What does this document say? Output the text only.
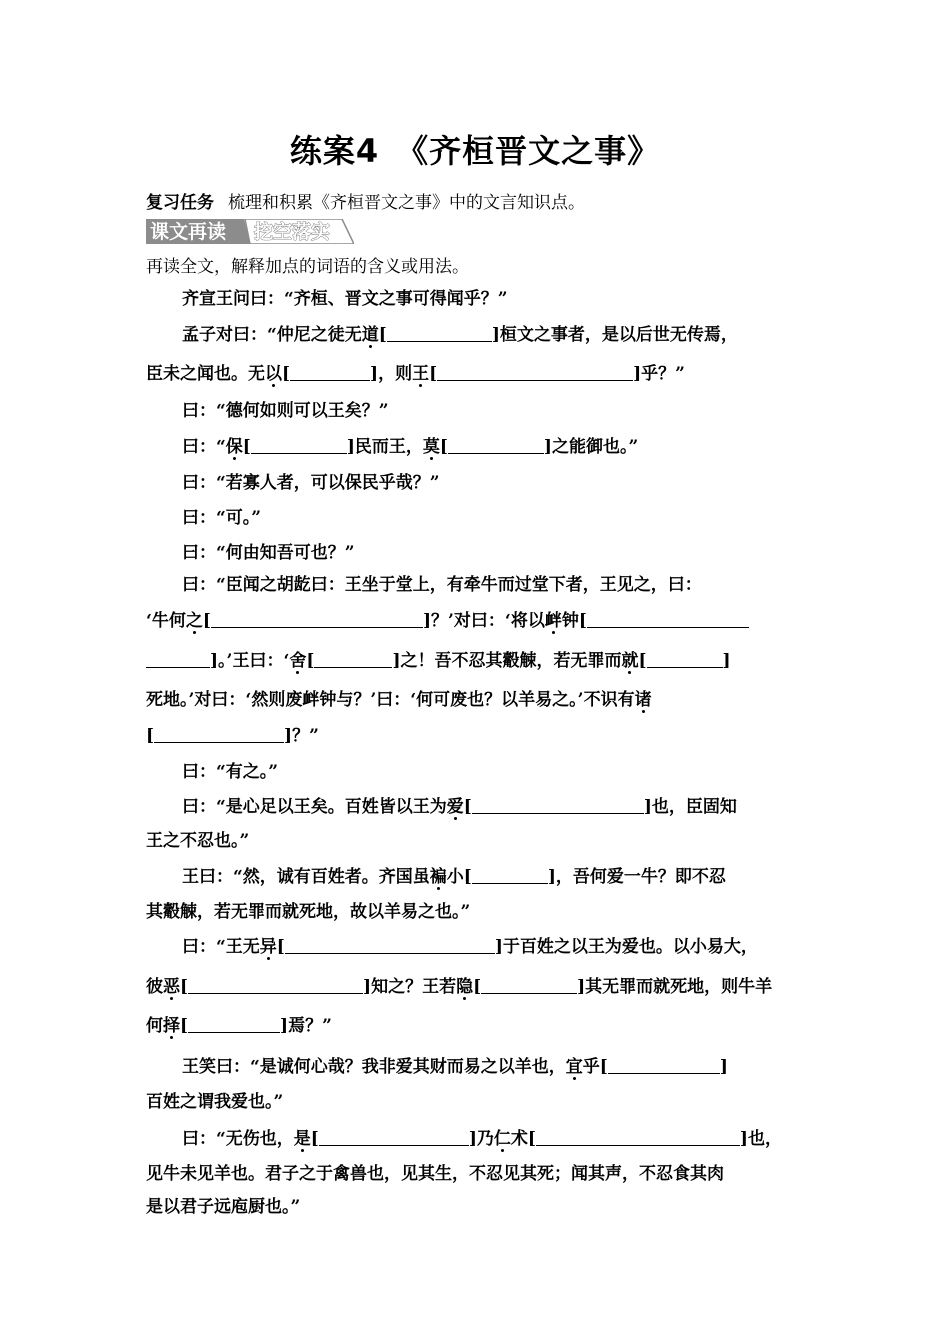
练案4　《齐桓晋文之事》
复习任务 梳理和积累《齐桓晋文之事》中的文言知识点。
课文再读 挖空落实
再读全文，解释加点的词语的含义或用法。
齐宣王问曰：“齐桓、晋文之事可得闻乎？”
孟子对曰：“仲尼之徒无道[	]桓文之事者，是以后世无传焉，
臣未之闻也。无以[	]，则王[	]乎？”
曰：“德何如则可以王矣？”
曰：“保[	]民而王，莫[	]之能御也。”
曰：“若寡人者，可以保民乎哉？”
曰：“可。”
曰：“何由知吾可也？”
曰：“臣闻之胡龁曰：王坐于堂上，有牵牛而过堂下者，王见之，曰：
‘牛何之[	]？’对曰：‘将以衅钟[
]。’王曰：‘舍[	]之！吾不忍其觳觫，若无罪而就[	]
死地。’对曰：‘然则废衅钟与？’曰：‘何可废也？以羊易之。’不识有诸
[	]？”
曰：“有之。”
曰：“是心足以王矣。百姓皆以王为爱[	]也，臣固知
王之不忍也。”
王曰：“然，诚有百姓者。齐国虽褊小[	]，吾何爱一牛？即不忍
其觳觫，若无罪而就死地，故以羊易之也。”
曰：“王无异[	]于百姓之以王为爱也。以小易大，
彼恶[	]知之？王若隐[	]其无罪而就死地，则牛羊
何择[	]焉？”
王笑曰：“是诚何心哉？我非爱其财而易之以羊也，宜乎[	]
百姓之谓我爱也。”
曰：“无伤也，是[	]乃仁术[	]也，
见牛未见羊也。君子之于禽兽也，见其生，不忍见其死；闻其声，不忍食其肉
是以君子远庖厨也。”
